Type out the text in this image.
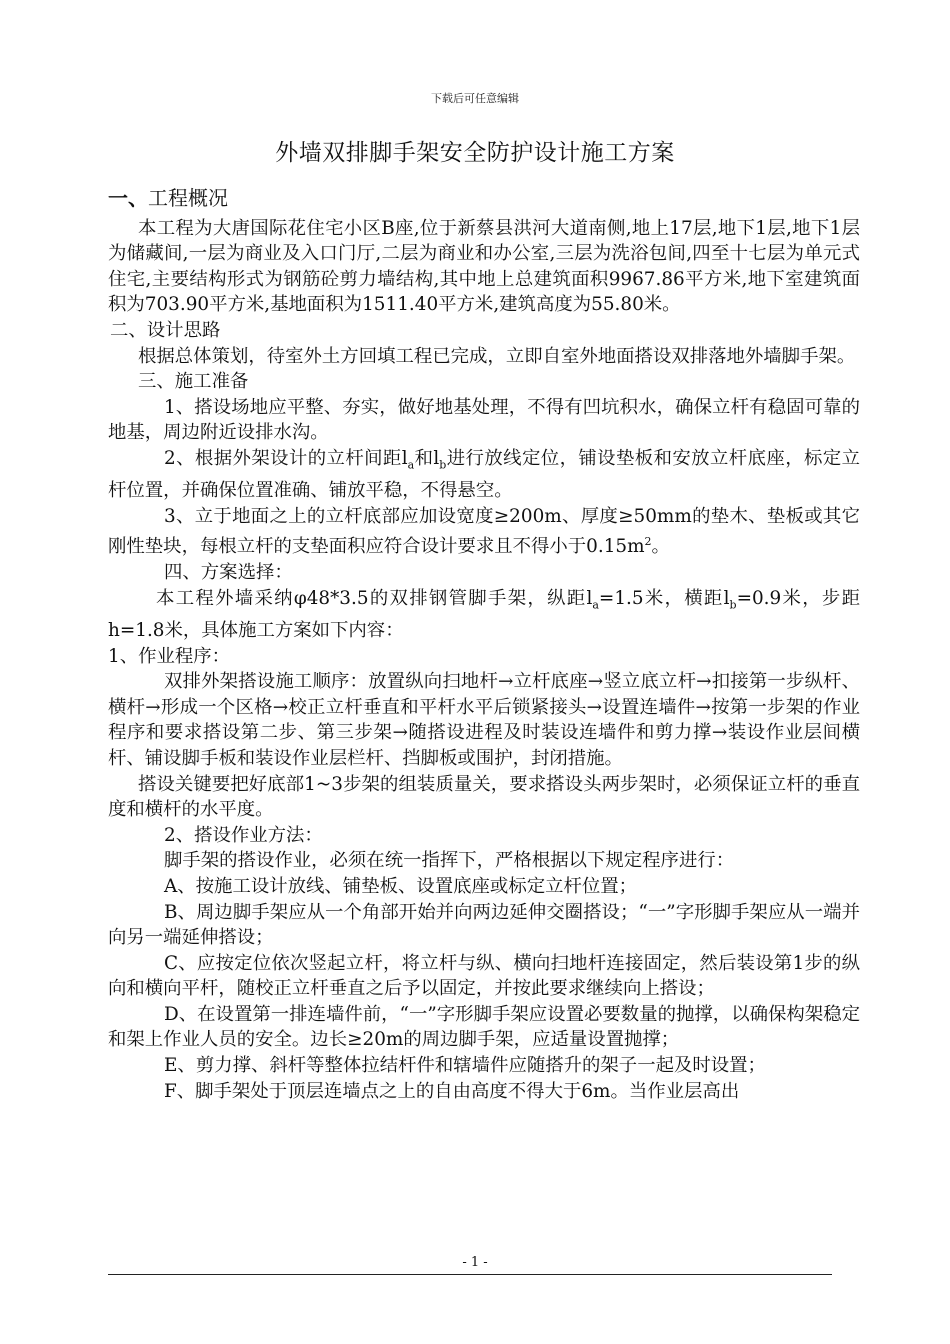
下载后可任意编辑
外墙双排脚手架安全防护设计施工方案

一、工程概况

本工程为大唐国际花住宅小区B座,位于新蔡县洪河大道南侧,地上17层,地下1层,地下1层为储藏间,一层为商业及入口门厅,二层为商业和办公室,三层为洗浴包间,四至十七层为单元式住宅,主要结构形式为钢筋砼剪力墙结构,其中地上总建筑面积9967.86平方米,地下室建筑面积为703.90平方米,基地面积为1511.40平方米,建筑高度为55.80米。

二、设计思路

根据总体策划，待室外土方回填工程已完成，立即自室外地面搭设双排落地外墙脚手架。

三、施工准备

1、搭设场地应平整、夯实，做好地基处理，不得有凹坑积水，确保立杆有稳固可靠的地基，周边附近设排水沟。

2、根据外架设计的立杆间距$l_a$和$l_b$进行放线定位，铺设垫板和安放立杆底座，标定立杆位置，并确保位置准确、铺放平稳，不得悬空。

3、立于地面之上的立杆底部应加设宽度≥200m、厚度≥50mm的垫木、垫板或其它刚性垫块，每根立杆的支垫面积应符合设计要求且不得小于$0.15m^2$。

四、方案选择：

本工程外墙采纳φ48*3.5的双排钢管脚手架，纵距$l_a=1.5$米，横距$l_b=0.9$米，步距h=1.8米，具体施工方案如下内容：

1、作业程序：

双排外架搭设施工顺序：放置纵向扫地杆→立杆底座→竖立底立杆→扣接第一步纵杆、横杆→形成一个区格→校正立杆垂直和平杆水平后锁紧接头→设置连墙件→按第一步架的作业程序和要求搭设第二步、第三步架→随搭设进程及时装设连墙件和剪力撑→装设作业层间横杆、铺设脚手板和装设作业层栏杆、挡脚板或围护，封闭措施。

搭设关键要把好底部1~3步架的组装质量关，要求搭设头两步架时，必须保证立杆的垂直度和横杆的水平度。

2、搭设作业方法：

脚手架的搭设作业，必须在统一指挥下，严格根据以下规定程序进行：

A、按施工设计放线、铺垫板、设置底座或标定立杆位置；

B、周边脚手架应从一个角部开始并向两边延伸交圈搭设；“一”字形脚手架应从一端并向另一端延伸搭设；

C、应按定位依次竖起立杆，将立杆与纵、横向扫地杆连接固定，然后装设第1步的纵向和横向平杆，随校正立杆垂直之后予以固定，并按此要求继续向上搭设；

D、在设置第一排连墙件前，“一”字形脚手架应设置必要数量的抛撑，以确保构架稳定和架上作业人员的安全。边长≥20m的周边脚手架，应适量设置抛撑；

E、剪力撑、斜杆等整体拉结杆件和辖墙件应随搭升的架子一起及时设置；

F、脚手架处于顶层连墙点之上的自由高度不得大于6m。当作业层高出

- 1 -
